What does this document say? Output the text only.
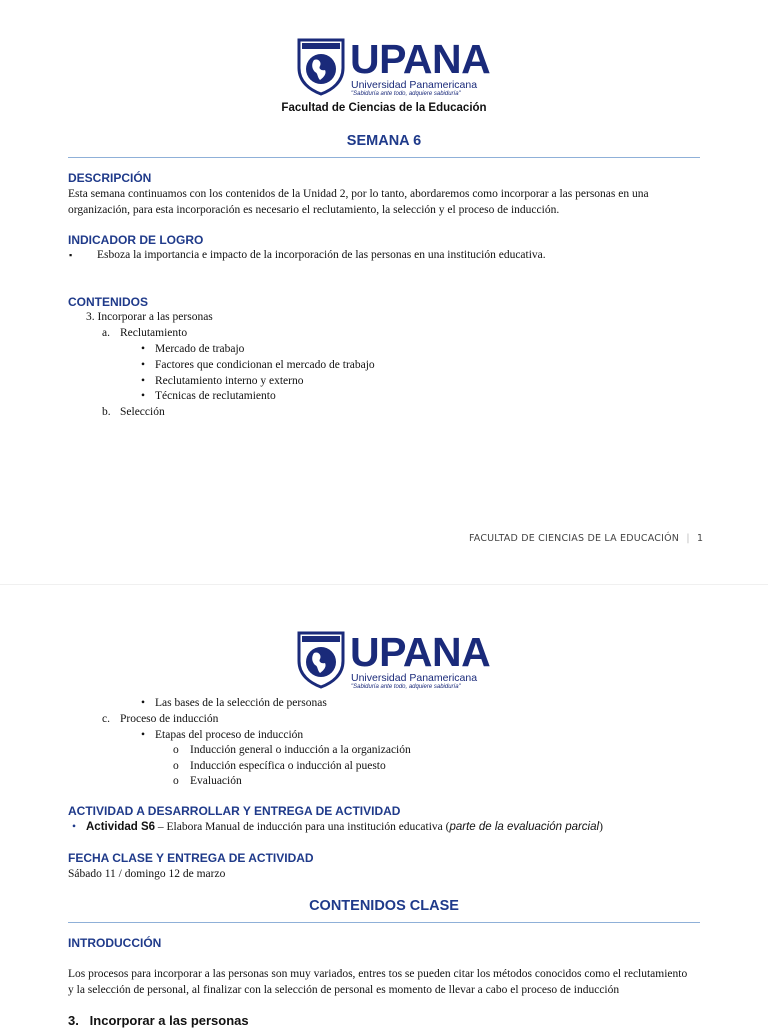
UPANA
Universidad Panamericana
"Sabiduría ante todo, adquiere sabiduría"
Facultad de Ciencias de la Educación
SEMANA 6
DESCRIPCIÓN
Esta semana continuamos con los contenidos de la Unidad 2, por lo tanto, abordaremos como incorporar a las personas en una
organización, para esta incorporación es necesario el reclutamiento, la selección y el proceso de inducción.
INDICADOR DE LOGRO
▪ Esboza la importancia e impacto de la incorporación de las personas en una institución educativa.
CONTENIDOS
3. Incorporar a las personas
a. Reclutamiento
• Mercado de trabajo
• Factores que condicionan el mercado de trabajo
• Reclutamiento interno y externo
• Técnicas de reclutamiento
b. Selección
FACULTAD DE CIENCIAS DE LA EDUCACIÓN | 1
UPANA
Universidad Panamericana
"Sabiduría ante todo, adquiere sabiduría"
• Las bases de la selección de personas
c. Proceso de inducción
• Etapas del proceso de inducción
o Inducción general o inducción a la organización
o Inducción específica o inducción al puesto
o Evaluación
ACTIVIDAD A DESARROLLAR Y ENTREGA DE ACTIVIDAD
• Actividad S6 – Elabora Manual de inducción para una institución educativa (parte de la evaluación parcial)
FECHA CLASE Y ENTREGA DE ACTIVIDAD
Sábado 11 / domingo 12 de marzo
CONTENIDOS CLASE
INTRODUCCIÓN
Los procesos para incorporar a las personas son muy variados, entres tos se pueden citar los métodos conocidos como el reclutamiento
y la selección de personal, al finalizar con la selección de personal es momento de llevar a cabo el proceso de inducción
3.   Incorporar a las personas
